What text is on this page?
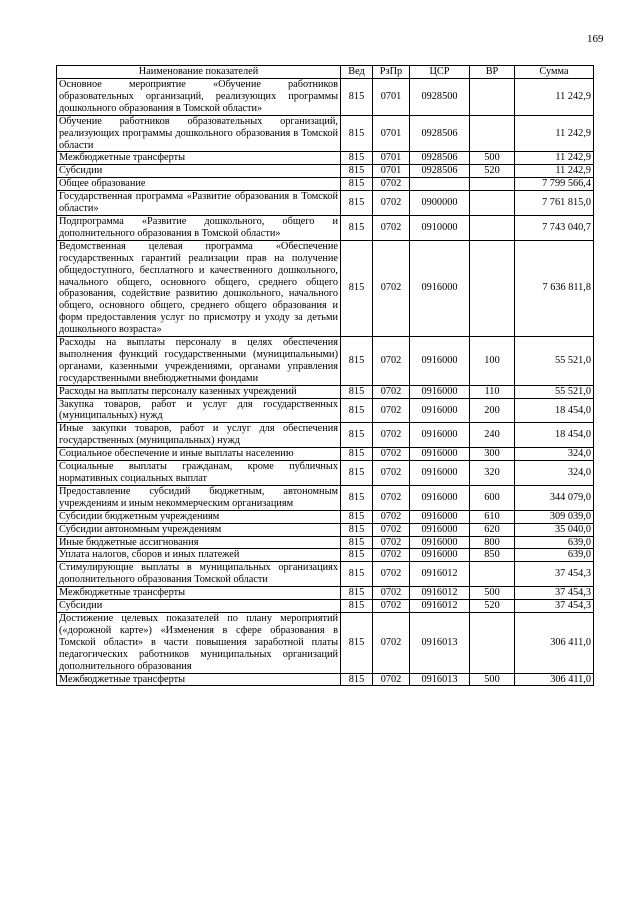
169
Наименование показателей	Вед	РзПр	ЦСР	ВР	Сумма
Основное мероприятие «Обучение работников образовательных организаций, реализующих программы дошкольного образования в Томской области»	815	0701	0928500		11 242,9
Обучение работников образовательных организаций, реализующих программы дошкольного образования в Томской области	815	0701	0928506		11 242,9
Межбюджетные трансферты	815	0701	0928506	500	11 242,9
Субсидии	815	0701	0928506	520	11 242,9
Общее образование	815	0702			7 799 566,4
Государственная программа «Развитие образования в Томской области»	815	0702	0900000		7 761 815,0
Подпрограмма «Развитие дошкольного, общего и дополнительного образования в Томской области»	815	0702	0910000		7 743 040,7
Ведомственная целевая программа «Обеспечение государственных гарантий реализации прав на получение общедоступного, бесплатного и качественного дошкольного, начального общего, основного общего, среднего общего образования, содействие развитию дошкольного, начального общего, основного общего, среднего общего образования и форм предоставления услуг по присмотру и уходу за детьми дошкольного возраста»	815	0702	0916000		7 636 811,8
Расходы на выплаты персоналу в целях обеспечения выполнения функций государственными (муниципальными) органами, казенными учреждениями, органами управления государственными внебюджетными фондами	815	0702	0916000	100	55 521,0
Расходы на выплаты персоналу казенных учреждений	815	0702	0916000	110	55 521,0
Закупка товаров, работ и услуг для государственных (муниципальных) нужд	815	0702	0916000	200	18 454,0
Иные закупки товаров, работ и услуг для обеспечения государственных (муниципальных) нужд	815	0702	0916000	240	18 454,0
Социальное обеспечение и иные выплаты населению	815	0702	0916000	300	324,0
Социальные выплаты гражданам, кроме публичных нормативных социальных выплат	815	0702	0916000	320	324,0
Предоставление субсидий бюджетным, автономным учреждениям и иным некоммерческим организациям	815	0702	0916000	600	344 079,0
Субсидии бюджетным учреждениям	815	0702	0916000	610	309 039,0
Субсидии автономным учреждениям	815	0702	0916000	620	35 040,0
Иные бюджетные ассигнования	815	0702	0916000	800	639,0
Уплата налогов, сборов и иных платежей	815	0702	0916000	850	639,0
Стимулирующие выплаты в муниципальных организациях дополнительного образования Томской области	815	0702	0916012		37 454,3
Межбюджетные трансферты	815	0702	0916012	500	37 454,3
Субсидии	815	0702	0916012	520	37 454,3
Достижение целевых показателей по плану мероприятий («дорожной карте») «Изменения в сфере образования в Томской области» в части повышения заработной платы педагогических работников муниципальных организаций дополнительного образования	815	0702	0916013		306 411,0
Межбюджетные трансферты	815	0702	0916013	500	306 411,0
